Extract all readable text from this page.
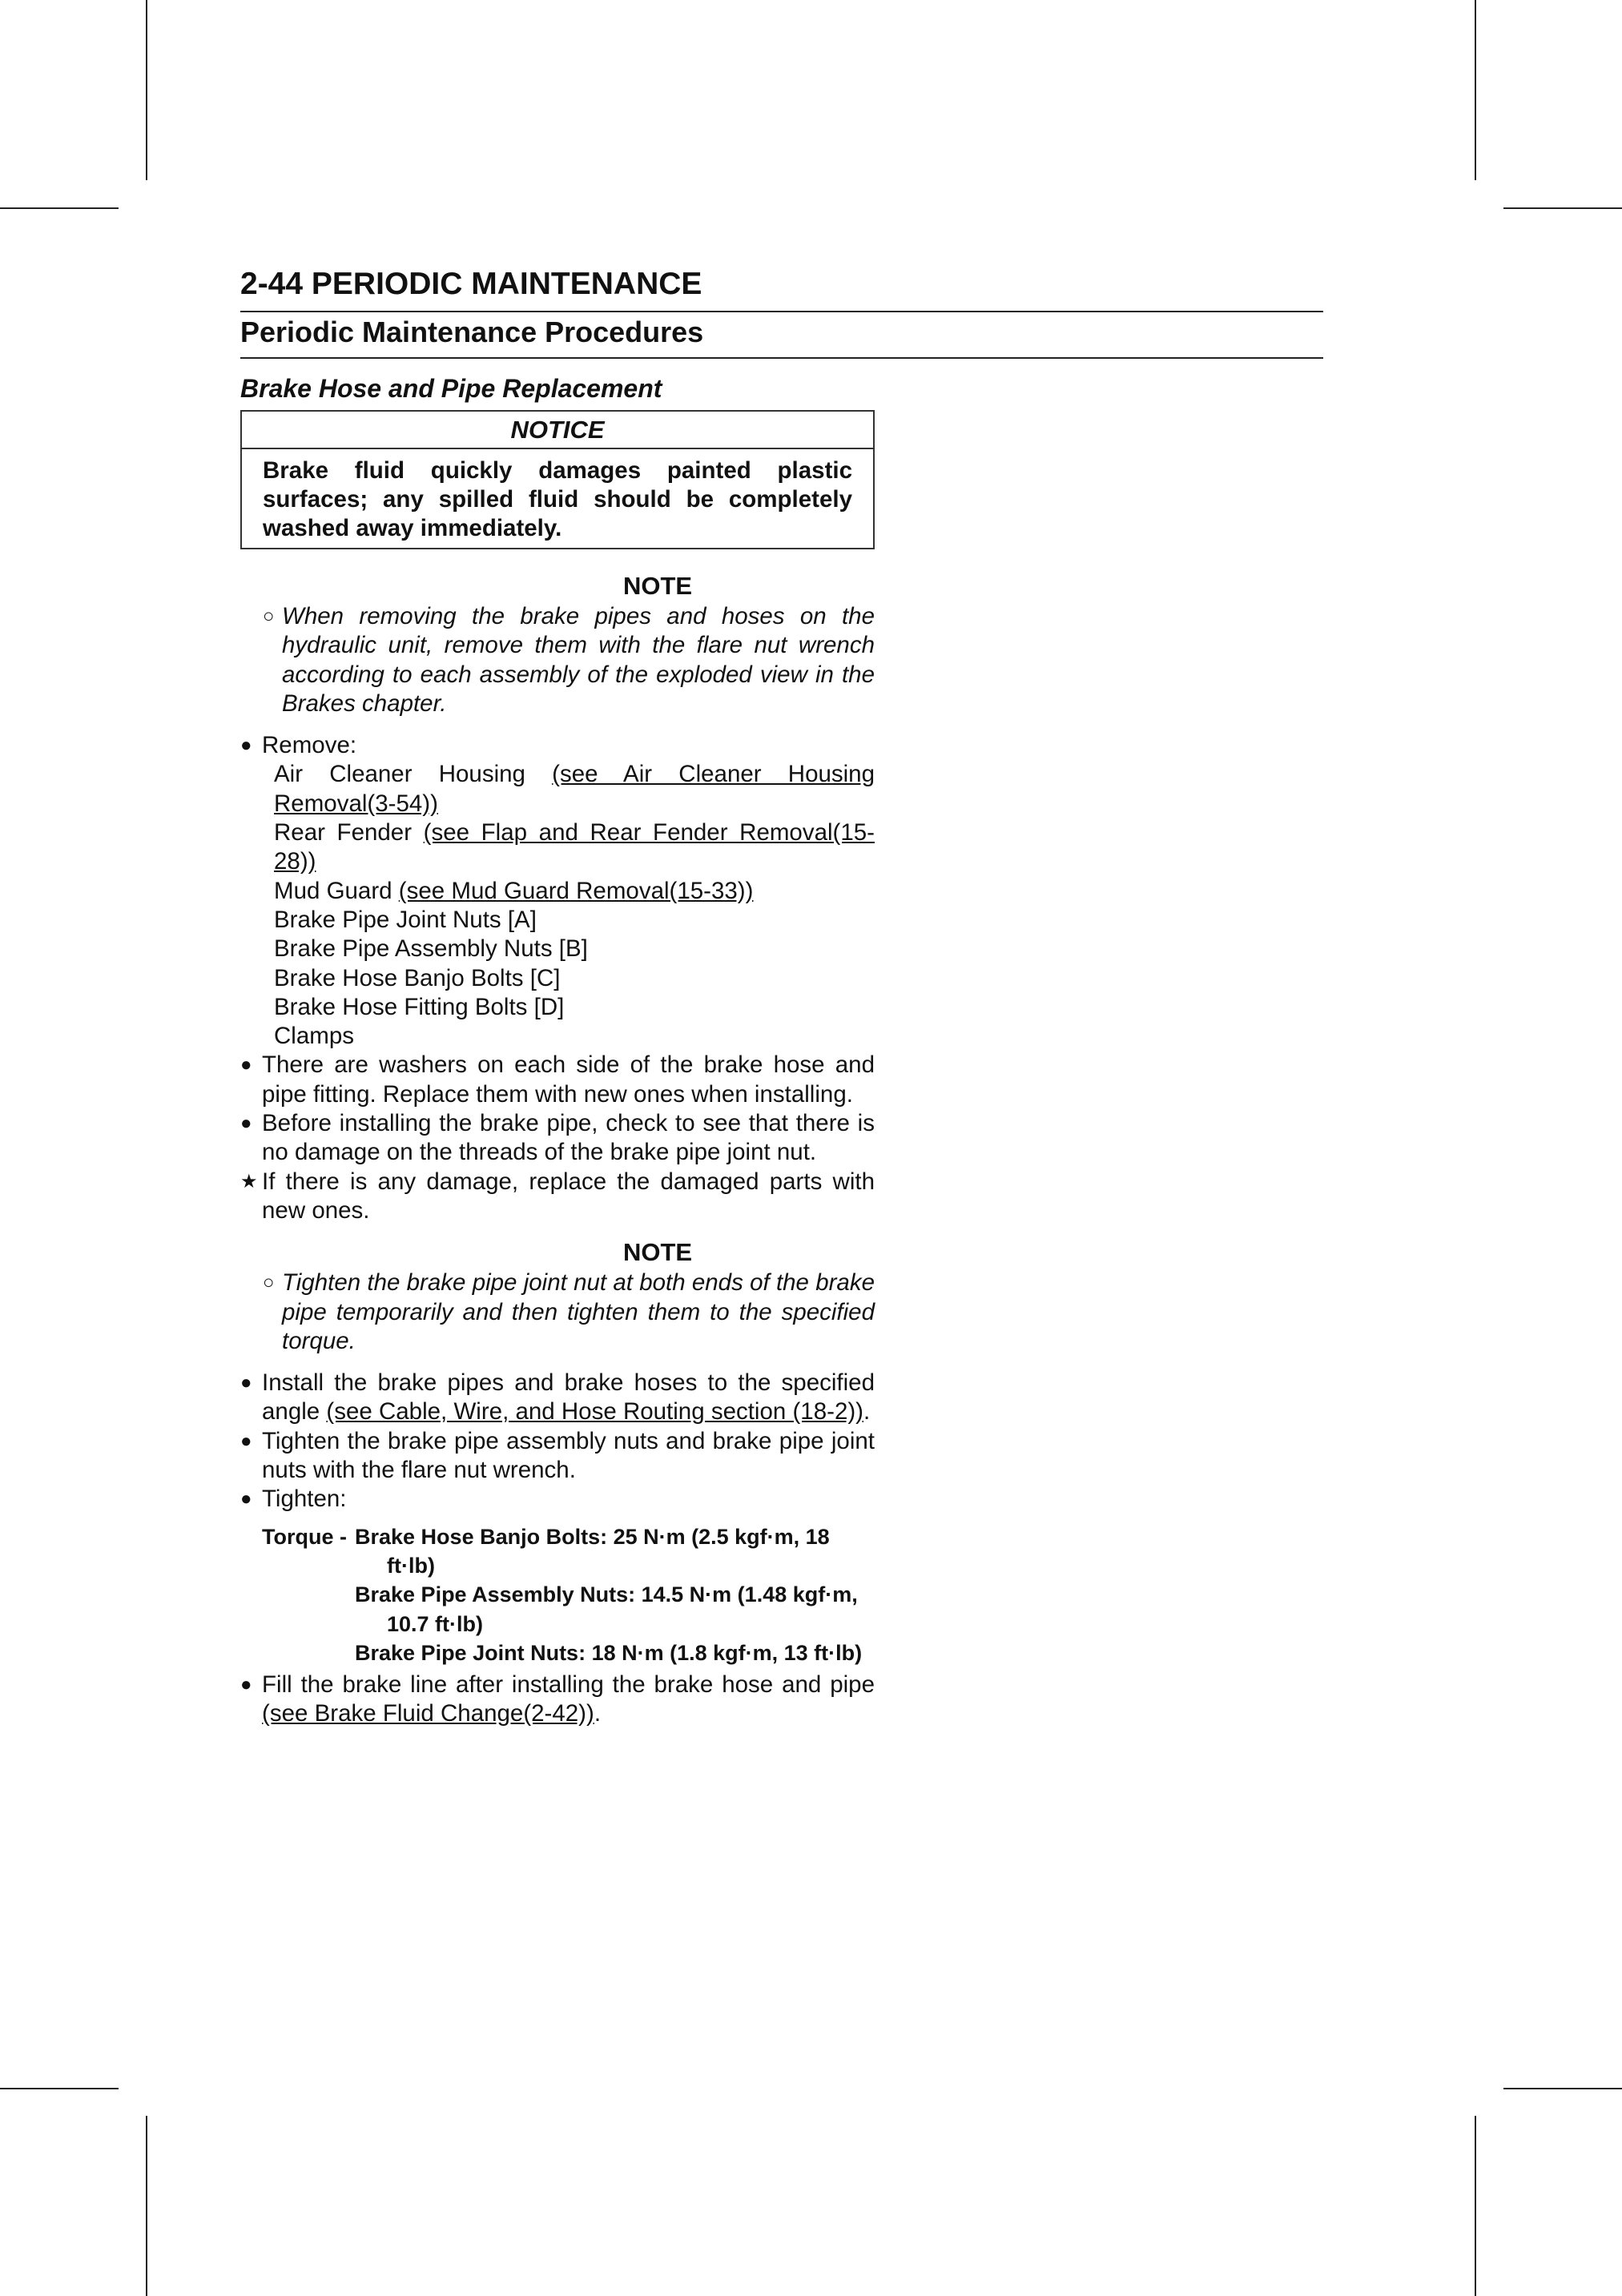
2-44 PERIODIC MAINTENANCE
Periodic Maintenance Procedures
Brake Hose and Pipe Replacement
NOTICE
Brake fluid quickly damages painted plastic surfaces; any spilled fluid should be completely washed away immediately.
NOTE
○ When removing the brake pipes and hoses on the hydraulic unit, remove them with the flare nut wrench according to each assembly of the exploded view in the Brakes chapter.
● Remove:
Air Cleaner Housing (see Air Cleaner Housing Removal(3-54))
Rear Fender (see Flap and Rear Fender Removal(15-28))
Mud Guard (see Mud Guard Removal(15-33))
Brake Pipe Joint Nuts [A]
Brake Pipe Assembly Nuts [B]
Brake Hose Banjo Bolts [C]
Brake Hose Fitting Bolts [D]
Clamps
● There are washers on each side of the brake hose and pipe fitting. Replace them with new ones when installing.
● Before installing the brake pipe, check to see that there is no damage on the threads of the brake pipe joint nut.
★ If there is any damage, replace the damaged parts with new ones.
NOTE
○ Tighten the brake pipe joint nut at both ends of the brake pipe temporarily and then tighten them to the specified torque.
● Install the brake pipes and brake hoses to the specified angle (see Cable, Wire, and Hose Routing section (18-2)).
● Tighten the brake pipe assembly nuts and brake pipe joint nuts with the flare nut wrench.
● Tighten:
Torque - Brake Hose Banjo Bolts: 25 N·m (2.5 kgf·m, 18
ft·lb)
Brake Pipe Assembly Nuts: 14.5 N·m (1.48 kgf·m,
10.7 ft·lb)
Brake Pipe Joint Nuts: 18 N·m (1.8 kgf·m, 13 ft·lb)
● Fill the brake line after installing the brake hose and pipe (see Brake Fluid Change(2-42)).
